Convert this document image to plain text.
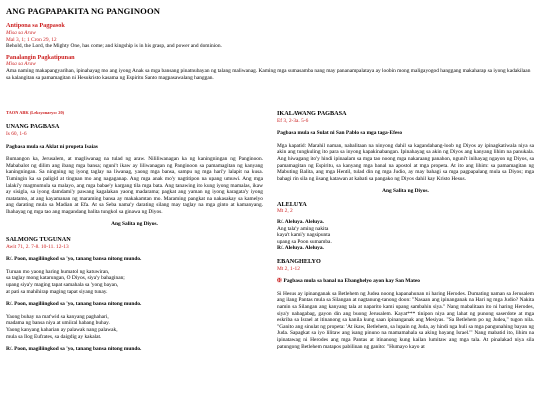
ANG PAGPAPAKITA NG PANGINOON

Antipona sa Pagpasok

Misa sa Araw

Mal 3, 1; 1 Cron 29, 12

Behold, the Lord, the Mighty One, has come; and kingship is in his grasp, and power and dominion.

Panalangin Pagkatipunan

Misa sa Araw

Ama naming makapangyarihan, ipinahayag mo ang iyong Anak sa mga bansang pinatnubayan ng talang maliwanag. Kaming mga sumasamba nang may pananampalataya ay loobin mong maligayogod hanggang makaharap sa iyong kadakilaan sa kalangitan sa pamamagitan ni Hesukristo kasama ng Espiritu Santo magpasawalang hanggan.

TAON ABK (Leksyonaryo: 20)

UNANG PAGBASA

Is 60, 1-6

Pagbasa mula sa Aklat ni propeta Isaias

Bumangon ka, Jerusalem, at magliwanag na tulad ng araw. Nililiwanagan ka ng kaningningan ng Panginoon. Mababalot ng dilim ang ibang mga bansa; nguni't ikaw ay liliwanagan ng Panginoon sa pamamagitan ng kanyang kaningningan. Sa ningning ng iyong taglay na liwanag, yaong mga bansa, sampu ng mga hari'y lalapit na kusa. Tumingin ka sa paligid at tingnan mo ang nagaganap. Ang mga anak mo'y nagtitipon na upang umuwi. Ang mga lalaki'y magmumula sa malayo, ang mga babae'y kargang tila mga bata. Ang tanawing ito kung iyong mamalas, ikaw ay sisigla, sa iyong damdami'y pawang kagalakan yaong madarama; pagkat ang yaman ng iyong karagata'y iyong matatamo, at ang kayamanan ng maraming bansa ay makakamtan mo. Maraming pangkat na nakasakay sa kamelyo ang darating mula sa Madian at Efa. At sa Seba nama'y darating silang may taglay na mga ginto at kamanyang. Ihahayag ng mga tao ang magandang balita tungkol sa ginawa ng Diyos.

Ang Salita ng Diyos.

SALMONG TUGUNAN

Awit 71, 2. 7-8. 10-11. 12-13

R/. Poon, magiliingkod sa 'yo, tanang bansa nitong mundo.

Turuan mo yaong haring humatol ng katuwiran,

sa taglay mong katarungan, O Diyos, siya'y bahaginan;

upang siya'y maging tapat samahala sa 'yong bayan,

at pati sa mahihirap maging tapat siyang tunay.

R/. Poon, magiliingkod sa 'yo, tanang bansa nitong mundo.

Yaong buhay na mat'wid sa kanyang paghahari,

madama ng bansa niya at umiiral habang buhay.

Yaong kanyang kaharian ay palawak nang palawak,

mula sa Ilog Eufrates, sa daigdig ay kakalat.

R/. Poon, magiliingkod sa 'yo, tanang bansa nitong mundo.

IKALAWANG PAGBASA

Ef 3, 2-3a. 5-6

Pagbasa mula sa Sulat ni San Pablo sa mga taga-Efeso

Mga kapatid: Marahil naman, nabalitaan na ninyong dahil sa kagandahang-loob ng Diyos ay ipinagkatiwala niya sa akin ang tungkuling ito para sa inyong kapakinabangan. Ipinahayag sa akin ng Diyos ang kanyang lihim na panukala. Ang hiwagang ito'y hindi ipinaalam sa mga tao noong mga nakaraang panahon, nguni't inihayag ngayon ng Diyos, sa pamamagitan ng Espiritu, sa kanyang mga banal na apostol at mga propeta. At ito ang lihim: sa pamamagitan ng Mabuting Balita, ang mga Hentil, tulad din ng mga Judio, ay may bahagi sa mga pagpapalang mula sa Diyos; mga bahagi rin sila ng iisang katawan at kabati sa pangako ng Diyos dahil kay Kristo Hesus.

Ang Salita ng Diyos.

ALELUYA

Mt 2, 2

R/. Aleluya. Aleluya.

Ang tala'y aming nakita

kaya't kami'y nagsipunta

upang sa Poon sumamba.

R/. Aleluya. Aleluya.

EBANGHELYO

Mt 2, 1-12

✠ Pagbasa mula sa banal na Ebanghelyo ayon kay San Mateo

Si Hesus ay ipinanganak sa Betlehem ng Judea noong kapanahunan ni haring Herodes. Dumating naman sa Jerusalem ang ilang Pantas mula sa Silangan at nagtanung-tanong doon: "Nasaan ang ipinanganak na Hari ng mga Judio? Nakita namin sa Silangan ang kanyang tala at naparito kami upang sambahin siya." Nang mabalitaan ito ni haring Herodes, siya'y nabagabag, gayon din ang buong Jerusalem. Kayat*** tinipon niya ang lahat ng punong saserdote at mga eskriba sa Israel at itinanong sa kanila kung saan ipinanganak ang Mesiyas. "Sa Betlehem po ng Judea," tugon nila. "Ganito ang sinulat ng propeta: 'At ikaw, Betlehem, sa lupain ng Juda, ay hindi nga huli sa mga pangunahing bayan ng Juda. Sapagkat sa iyo lilitaw ang isang pinuno na mamamahala sa aking bayang Israel.'" Nang mabatid ito, lihim na ipinatawag ni Herodes ang mga Pantas at itinanong kung kailan lumitaw ang mga tala. At pinalakad niya sila patungong Betlehem matapos pabilinan ng ganito: "Humayo kayo at
